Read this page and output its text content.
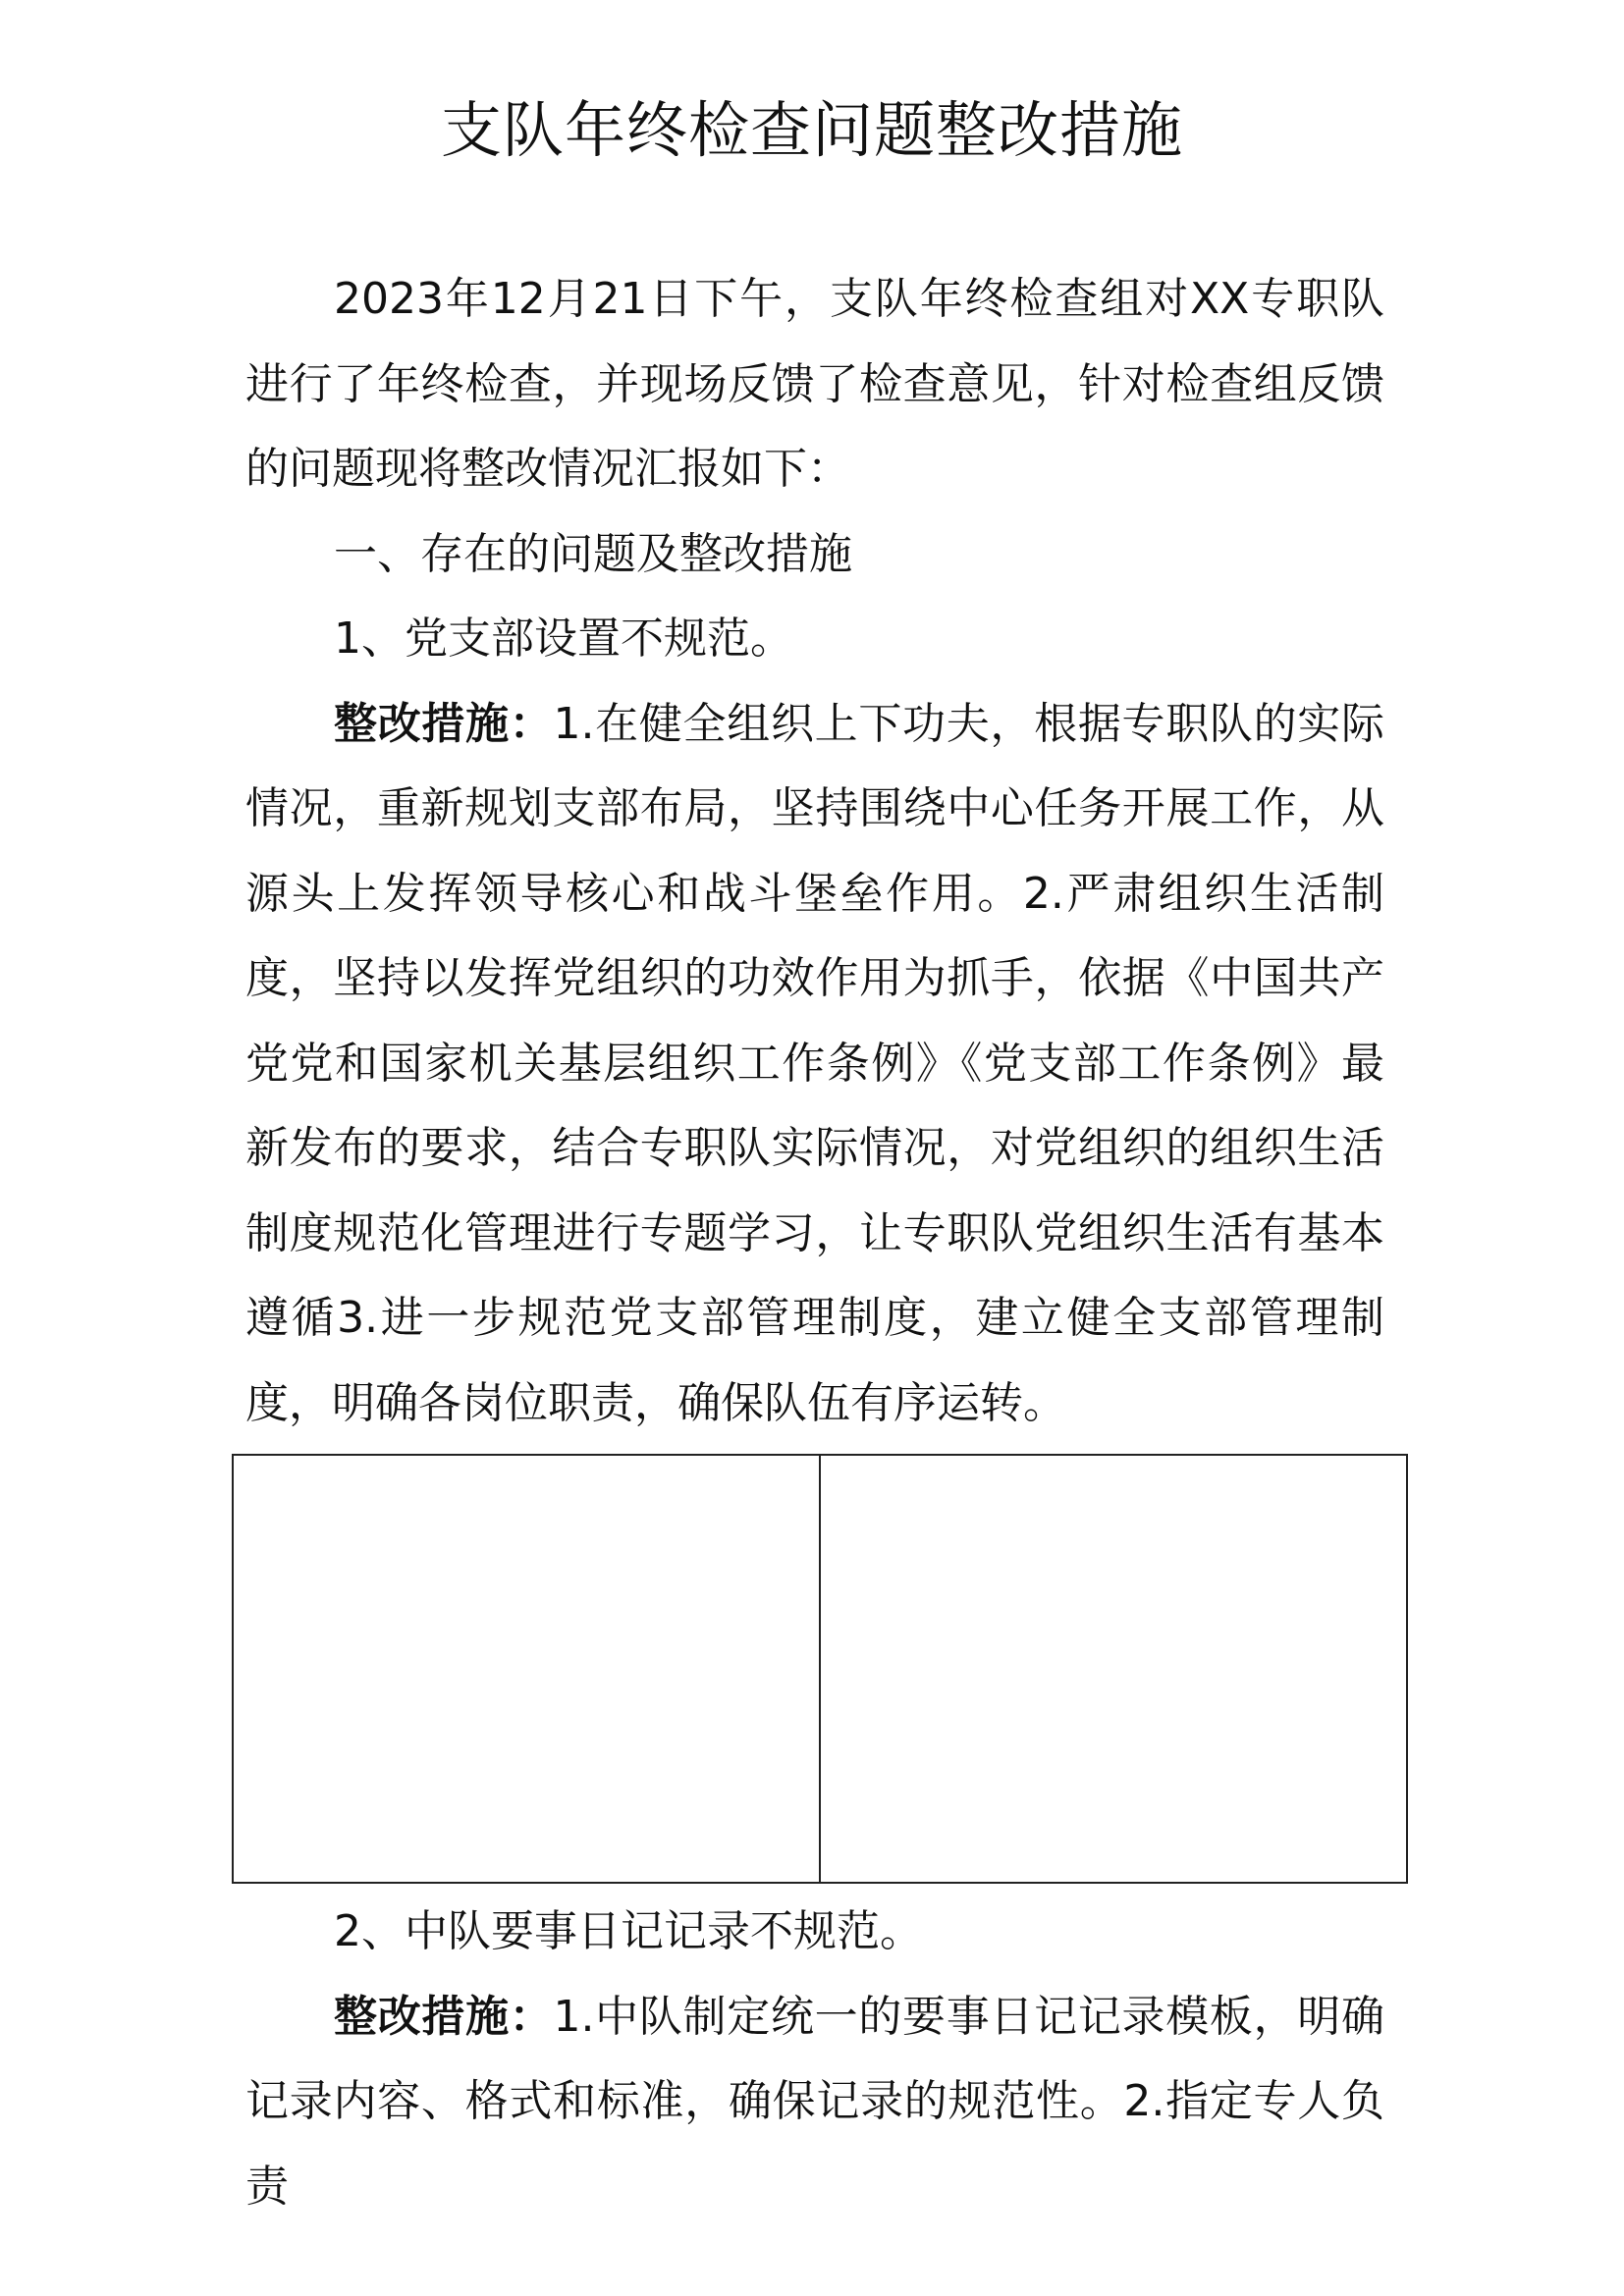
支队年终检查问题整改措施

2023年12月21日下午，支队年终检查组对XX专职队进行了年终检查，并现场反馈了检查意见，针对检查组反馈的问题现将整改情况汇报如下：

一、存在的问题及整改措施

1、党支部设置不规范。

整改措施：1.在健全组织上下功夫，根据专职队的实际情况，重新规划支部布局，坚持围绕中心任务开展工作，从源头上发挥领导核心和战斗堡垒作用。2.严肃组织生活制度，坚持以发挥党组织的功效作用为抓手，依据《中国共产党党和国家机关基层组织工作条例》《党支部工作条例》最新发布的要求，结合专职队实际情况，对党组织的组织生活制度规范化管理进行专题学习，让专职队党组织生活有基本遵循3.进一步规范党支部管理制度，建立健全支部管理制度，明确各岗位职责，确保队伍有序运转。

2、中队要事日记记录不规范。

整改措施：1.中队制定统一的要事日记记录模板，明确记录内容、格式和标准，确保记录的规范性。2.指定专人负责
